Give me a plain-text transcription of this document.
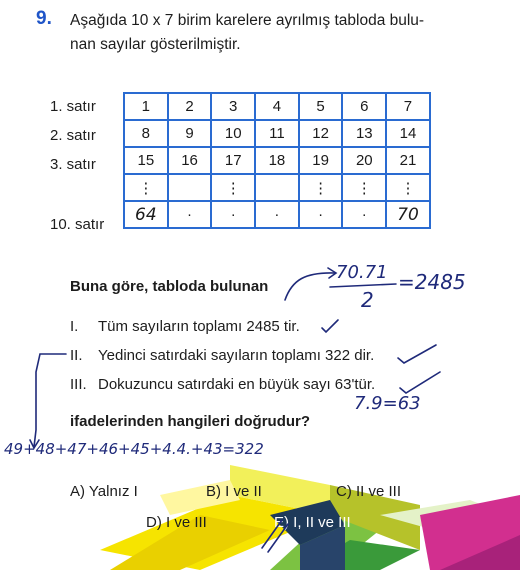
9. Aşağıda 10 x 7 birim karelere ayrılmış tabloda bulu-
nan sayılar gösterilmiştir.
1. satır
2. satır
3. satır
10. satır
1	2	3	4	5	6	7
8	9	10	11	12	13	14
15	16	17	18	19	20	21
⋮		⋮		⋮	⋮	⋮
64	·	·	·	·	·	70
Buna göre, tabloda bulunan
70.71
2
=2485
I. Tüm sayıların toplamı 2485 tir.
II. Yedinci satırdaki sayıların toplamı 322 dir.
III. Dokuzuncu satırdaki en büyük sayı 63'tür.
7.9=63
ifadelerinden hangileri doğrudur?
49+48+47+46+45+4.4.+43=322
A) Yalnız I	B) I ve II	C) II ve III
D) I ve III	E) I, II ve III
